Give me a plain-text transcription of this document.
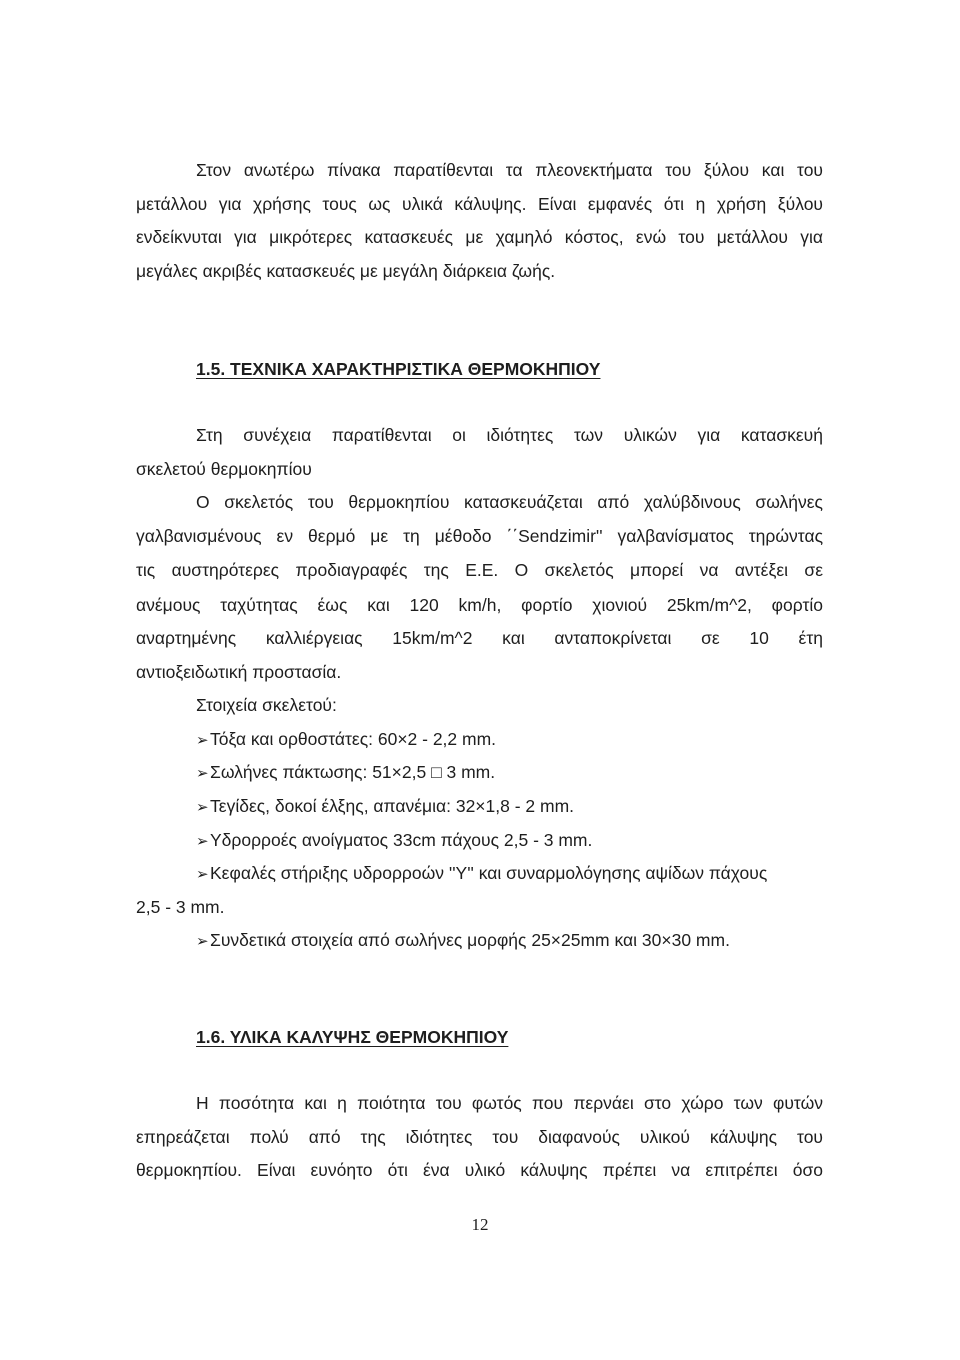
Στον ανωτέρω πίνακα παρατίθενται τα πλεονεκτήματα του ξύλου και του
μετάλλου για χρήσης τους ως υλικά κάλυψης. Είναι εμφανές ότι η χρήση ξύλου
ενδείκνυται για μικρότερες κατασκευές με χαμηλό κόστος, ενώ του μετάλλου για
μεγάλες ακριβές κατασκευές με μεγάλη διάρκεια ζωής.
1.5. ΤΕΧΝΙΚΑ ΧΑΡΑΚΤΗΡΙΣΤΙΚΑ ΘΕΡΜΟΚΗΠΙΟΥ
Στη συνέχεια παρατίθενται οι ιδιότητες των υλικών για κατασκευή
σκελετού θερμοκηπίου
Ο σκελετός του θερμοκηπίου κατασκευάζεται από χαλύβδινους σωλήνες
γαλβανισμένους εν θερμό με τη μέθοδο ΄΄Sendzimir'' γαλβανίσματος τηρώντας
τις αυστηρότερες προδιαγραφές της Ε.Ε. Ο σκελετός μπορεί να αντέξει σε
ανέμους ταχύτητας έως και 120 km/h, φορτίο χιονιού 25km/m^2, φορτίο
αναρτημένης καλλιέργειας 15km/m^2 και ανταποκρίνεται σε 10 έτη
αντιοξειδωτική προστασία.
Στοιχεία σκελετού:
➢Τόξα και ορθοστάτες: 60×2 - 2,2 mm.
➢Σωλήνες πάκτωσης: 51×2,5 □ 3 mm.
➢Τεγίδες, δοκοί έλξης, απανέμια: 32×1,8 - 2 mm.
➢Υδρορροές ανοίγματος 33cm πάχους 2,5 - 3 mm.
➢Κεφαλές στήριξης υδρορροών ''Υ'' και συναρμολόγησης αψίδων πάχους
2,5 - 3 mm.
➢Συνδετικά στοιχεία από σωλήνες μορφής 25×25mm και 30×30 mm.
1.6. ΥΛΙΚΑ ΚΑΛΥΨΗΣ ΘΕΡΜΟΚΗΠΙΟΥ
Η ποσότητα και η ποιότητα του φωτός που περνάει στο χώρο των φυτών
επηρεάζεται πολύ από της ιδιότητες του διαφανούς υλικού κάλυψης του
θερμοκηπίου. Είναι ευνόητο ότι ένα υλικό κάλυψης πρέπει να επιτρέπει όσο
12
